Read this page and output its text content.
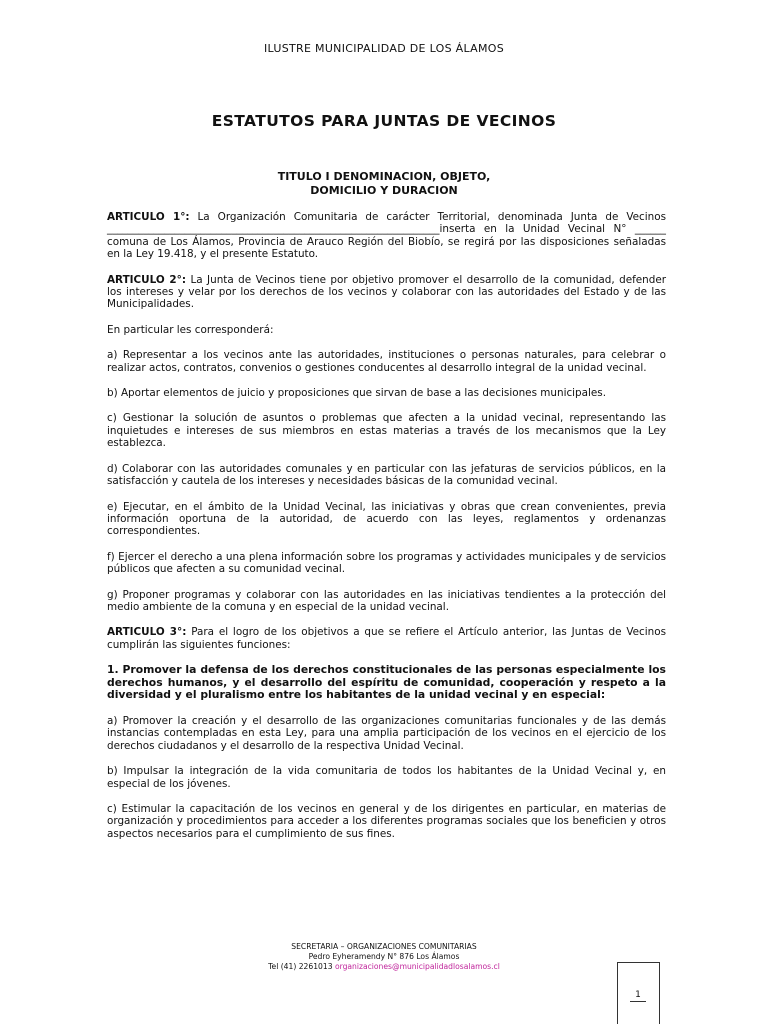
ILUSTRE MUNICIPALIDAD DE LOS ÁLAMOS
ESTATUTOS PARA JUNTAS DE VECINOS
TITULO I DENOMINACION, OBJETO,
DOMICILIO Y DURACION

ARTICULO 1°: La Organización Comunitaria de carácter Territorial, denominada Junta de Vecinos ________________________________________________________________inserta en la Unidad Vecinal N° ______ comuna de Los Álamos, Provincia de Arauco Región del Biobío, se regirá por las disposiciones señaladas en la Ley 19.418, y el presente Estatuto.

ARTICULO 2°: La Junta de Vecinos tiene por objetivo promover el desarrollo de la comunidad, defender los intereses y velar por los derechos de los vecinos y colaborar con las autoridades del Estado y de las Municipalidades.

En particular les corresponderá:

a) Representar a los vecinos ante las autoridades, instituciones o personas naturales, para celebrar o realizar actos, contratos, convenios o gestiones conducentes al desarrollo integral de la unidad vecinal.

b) Aportar elementos de juicio y proposiciones que sirvan de base a las decisiones municipales.

c) Gestionar la solución de asuntos o problemas que afecten a la unidad vecinal, representando las inquietudes e intereses de sus miembros en estas materias a través de los mecanismos que la Ley establezca.

d) Colaborar con las autoridades comunales y en particular con las jefaturas de servicios públicos, en la satisfacción y cautela de los intereses y necesidades básicas de la comunidad vecinal.

e) Ejecutar, en el ámbito de la Unidad Vecinal, las iniciativas y obras que crean convenientes, previa información oportuna de la autoridad, de acuerdo con las leyes, reglamentos y ordenanzas correspondientes.

f) Ejercer el derecho a una plena información sobre los programas y actividades municipales y de servicios públicos que afecten a su comunidad vecinal.

g) Proponer programas y colaborar con las autoridades en las iniciativas tendientes a la protección del medio ambiente de la comuna y en especial de la unidad vecinal.

ARTICULO 3°: Para el logro de los objetivos a que se refiere el Artículo anterior, las Juntas de Vecinos cumplirán las siguientes funciones:

1. Promover la defensa de los derechos constitucionales de las personas especialmente los derechos humanos, y el desarrollo del espíritu de comunidad, cooperación y respeto a la diversidad y el pluralismo entre los habitantes de la unidad vecinal y en especial:

a) Promover la creación y el desarrollo de las organizaciones comunitarias funcionales y de las demás instancias contempladas en esta Ley, para una amplia participación de los vecinos en el ejercicio de los derechos ciudadanos y el desarrollo de la respectiva Unidad Vecinal.

b) Impulsar la integración de la vida comunitaria de todos los habitantes de la Unidad Vecinal y, en especial de los jóvenes.

c) Estimular la capacitación de los vecinos en general y de los dirigentes en particular, en materias de organización y procedimientos para acceder a los diferentes programas sociales que los beneficien y otros aspectos necesarios para el cumplimiento de sus fines.

SECRETARIA – ORGANIZACIONES COMUNITARIAS
Pedro Eyheramendy N° 876 Los Álamos
Tel (41) 2261013 organizaciones@municipalidadlosalamos.cl
1
